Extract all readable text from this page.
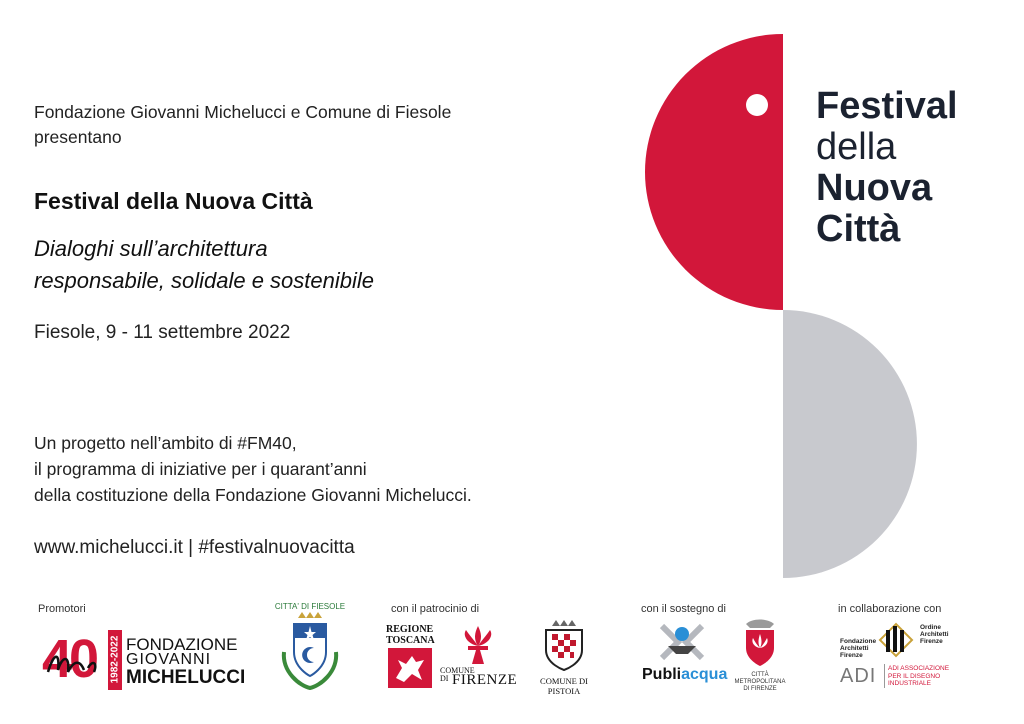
Fondazione Giovanni Michelucci e Comune di Fiesole
presentano
Festival della Nuova Città
Dialoghi sull’architettura
responsabile, solidale e sostenibile
Fiesole, 9 - 11 settembre 2022
Un progetto nell’ambito di #FM40,
il programma di iniziative per i quarant’anni
della costituzione della Fondazione Giovanni Michelucci.
www.michelucci.it | #festivalnuovacitta
Festival
della
Nuova
Città
Promotori	con il patrocinio di	con il sostegno di	in collaborazione con
40 1982-2022 FONDAZIONE
GIOVANNI
MICHELUCCI
CITTA' DI FIESOLE
REGIONE
TOSCANA
COMUNE
DI FIRENZE	COMUNE DI PISTOIA
Publiacqua	CITTÀ METROPOLITANA
DI FIRENZE
Fondazione
Architetti
Firenze
Ordine
Architetti
Firenze
ADI ADI ASSOCIAZIONE
PER IL DISEGNO
INDUSTRIALE
